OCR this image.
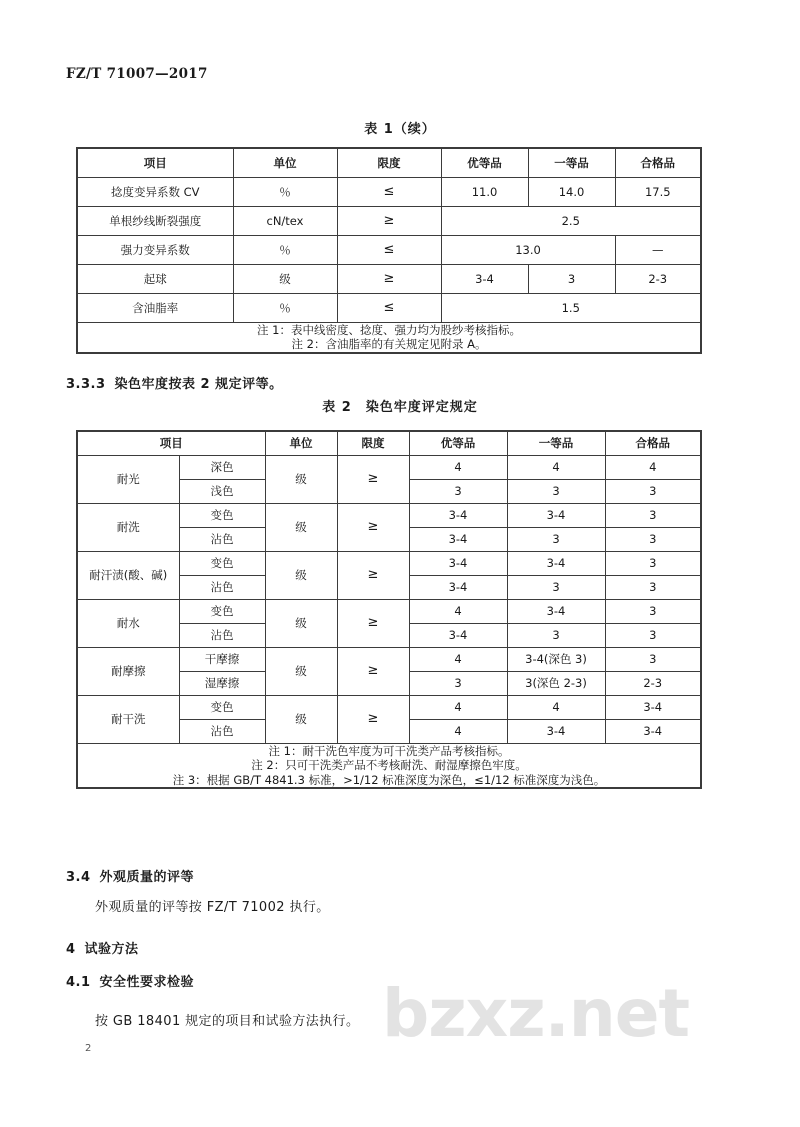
bzxz.net
FZ/T 71007—2017
表 1（续）
项目	单位	限度	优等品	一等品	合格品
捻度变异系数 CV	％	≤	11.0	14.0	17.5
单根纱线断裂强度	cN/tex	≥	2.5		
强力变异系数	％	≤	13.0		—
起球	级	≥	3-4	3	2-3
含油脂率	％	≤	1.5		

注 1：表中线密度、捻度、强力均为股纱考核指标。
注 2：含油脂率的有关规定见附录 A。					
3.3.3 染色牢度按表 2 规定评等。
表 2　染色牢度评定规定
项目		单位	限度	优等品	一等品	合格品
耐光	深色	级	≥	4	4	4
	浅色			3	3	3
耐洗	变色	级	≥	3-4	3-4	3
	沾色			3-4	3	3
耐汗渍(酸、碱)	变色	级	≥	3-4	3-4	3
	沾色			3-4	3	3
耐水	变色	级	≥	4	3-4	3
	沾色			3-4	3	3
耐摩擦	干摩擦	级	≥	4	3-4(深色 3)	3
	湿摩擦			3	3(深色 2-3)	2-3
耐干洗	变色	级	≥	4	4	3-4
	沾色			4	3-4	3-4

注 1：耐干洗色牢度为可干洗类产品考核指标。
注 2：只可干洗类产品不考核耐洗、耐湿摩擦色牢度。
注 3：根据 GB/T 4841.3 标准，>1/12 标准深度为深色，≤1/12 标准深度为浅色。						
3.4 外观质量的评等
外观质量的评等按 FZ/T 71002 执行。
4 试验方法
4.1 安全性要求检验
按 GB 18401 规定的项目和试验方法执行。
2
